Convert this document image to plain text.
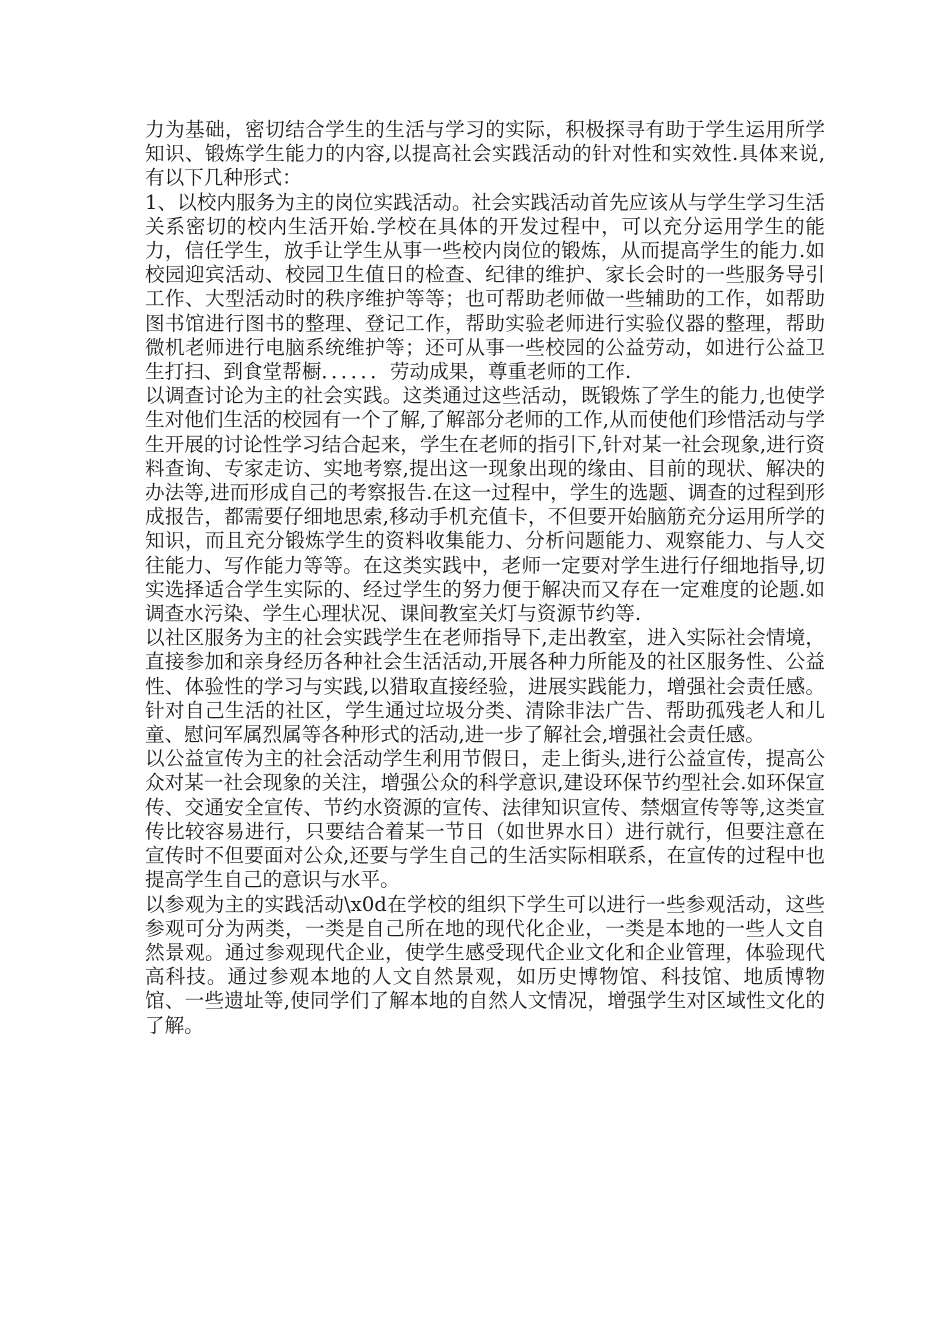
力为基础，密切结合学生的生活与学习的实际，积极探寻有助于学生运用所学知识、锻炼学生能力的内容,以提高社会实践活动的针对性和实效性.具体来说,有以下几种形式：

1、以校内服务为主的岗位实践活动。社会实践活动首先应该从与学生学习生活关系密切的校内生活开始.学校在具体的开发过程中，可以充分运用学生的能力，信任学生，放手让学生从事一些校内岗位的锻炼，从而提高学生的能力.如校园迎宾活动、校园卫生值日的检查、纪律的维护、家长会时的一些服务导引工作、大型活动时的秩序维护等等；也可帮助老师做一些辅助的工作，如帮助图书馆进行图书的整理、登记工作，帮助实验老师进行实验仪器的整理，帮助微机老师进行电脑系统维护等；还可从事一些校园的公益劳动，如进行公益卫生打扫、到食堂帮橱．．．．．．劳动成果，尊重老师的工作.

以调查讨论为主的社会实践。这类通过这些活动，既锻炼了学生的能力,也使学生对他们生活的校园有一个了解,了解部分老师的工作,从而使他们珍惜活动与学生开展的讨论性学习结合起来，学生在老师的指引下,针对某一社会现象,进行资料查询、专家走访、实地考察,提出这一现象出现的缘由、目前的现状、解决的办法等,进而形成自己的考察报告.在这一过程中，学生的选题、调查的过程到形成报告，都需要仔细地思索,移动手机充值卡，不但要开始脑筋充分运用所学的知识，而且充分锻炼学生的资料收集能力、分析问题能力、观察能力、与人交往能力、写作能力等等。在这类实践中，老师一定要对学生进行仔细地指导,切实选择适合学生实际的、经过学生的努力便于解决而又存在一定难度的论题.如调查水污染、学生心理状况、课间教室关灯与资源节约等.

以社区服务为主的社会实践学生在老师指导下,走出教室，进入实际社会情境，直接参加和亲身经历各种社会生活活动,开展各种力所能及的社区服务性、公益性、体验性的学习与实践,以猎取直接经验，进展实践能力，增强社会责任感。针对自己生活的社区，学生通过垃圾分类、清除非法广告、帮助孤残老人和儿童、慰问军属烈属等各种形式的活动,进一步了解社会,增强社会责任感。

以公益宣传为主的社会活动学生利用节假日，走上街头,进行公益宣传，提高公众对某一社会现象的关注，增强公众的科学意识,建设环保节约型社会.如环保宣传、交通安全宣传、节约水资源的宣传、法律知识宣传、禁烟宣传等等,这类宣传比较容易进行，只要结合着某一节日（如世界水日）进行就行，但要注意在宣传时不但要面对公众,还要与学生自己的生活实际相联系，在宣传的过程中也提高学生自己的意识与水平。

以参观为主的实践活动\x0d在学校的组织下学生可以进行一些参观活动，这些参观可分为两类，一类是自己所在地的现代化企业，一类是本地的一些人文自然景观。通过参观现代企业，使学生感受现代企业文化和企业管理，体验现代高科技。通过参观本地的人文自然景观，如历史博物馆、科技馆、地质博物馆、一些遗址等,使同学们了解本地的自然人文情况，增强学生对区域性文化的了解。
